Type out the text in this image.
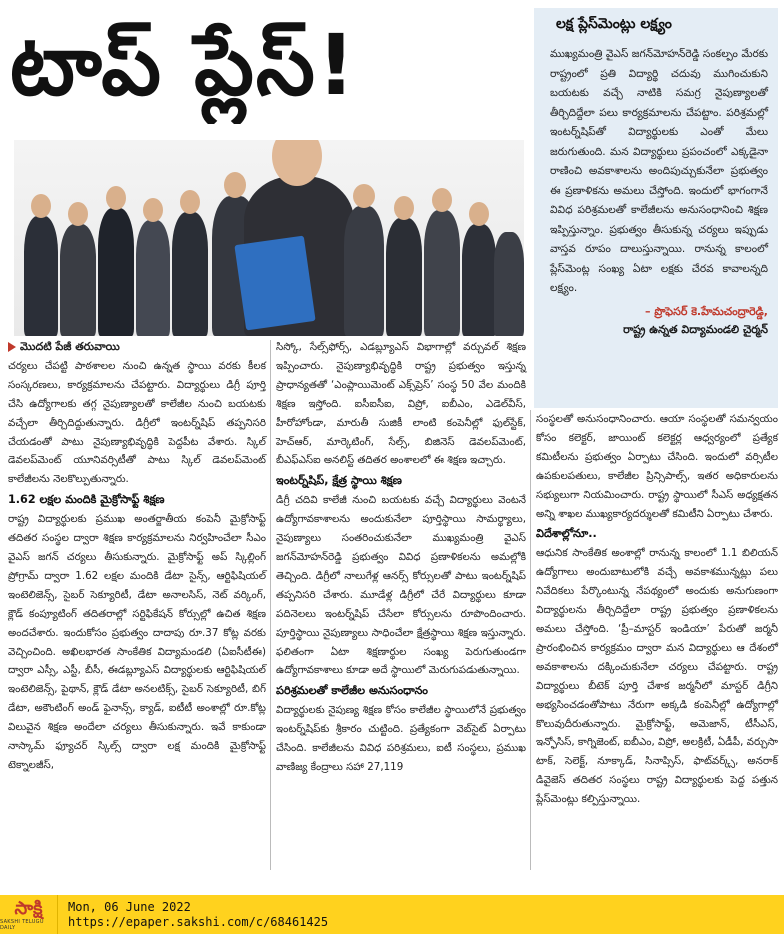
టాప్‌ ప్లేస్‌!	లక్ష ప్లేస్‌మెంట్లు లక్ష్యం
ముఖ్యమంత్రి వైఎస్‌ జగన్‌మోహన్‌రెడ్డి సంకల్పం మేరకు రాష్ట్రంలో ప్రతి విద్యార్థి చదువు ముగించుకుని బయటకు వచ్చే నాటికి సమగ్ర నైపుణ్యాలతో తీర్చిదిద్దేలా పలు కార్యక్రమాలను చేపట్టాం. పరిశ్రమల్లో ఇంటర్న్‌షిప్‌తో విద్యార్థులకు ఎంతో మేలు జరుగుతుంది. మన విద్యార్థులు ప్రపంచంలో ఎక్కడైనా రాణించి అవకాశాలను అందిపుచ్చుకునేలా ప్రభుత్వం ఈ ప్రణాళికను అమలు చేస్తోంది. ఇందులో భాగంగానే వివిధ పరిశ్రమలతో కాలేజీలను అనుసంధానించి శిక్షణ ఇప్పిస్తున్నాం. ప్రభుత్వం తీసుకున్న చర్యలు ఇప్పుడు వాస్తవ రూపం దాలుస్తున్నాయి. రానున్న కాలంలో ప్లేస్‌మెంట్ల సంఖ్య ఏటా లక్షకు చేరవ కావాలన్నది లక్ష్యం.
– ప్రొఫెసర్‌ కె.హేమచంద్రారెడ్డి,
రాష్ట్ర ఉన్నత విద్యామండలి చైర్మన్‌
మొదటి పేజీ తరువాయి

చర్యలు చేపట్టి పాఠశాలల నుంచి ఉన్నత స్థాయి వరకు కీలక సంస్కరణలు, కార్యక్రమాలను చేపట్టారు. విద్యార్థులు డిగ్రీ పూర్తి చేసి ఉద్యోగాలకు తగ్గ నైపుణ్యాలతో కాలేజీల నుంచి బయటకు వచ్చేలా తీర్చిదిద్దుతున్నారు. డిగ్రీలో ఇంటర్న్‌షిప్‌ తప్పనిసరి చేయడంతో పాటు నైపుణ్యాభివృద్ధికి పెద్దపీట వేశారు. స్కిల్‌ డెవలప్‌మెంట్‌ యూనివర్సిటీతో పాటు స్కిల్‌ డెవలప్‌మెంట్‌ కాలేజీలను నెలకొల్పుతున్నారు.

1.62 లక్షల మందికి మైక్రోసాఫ్ట్‌ శిక్షణ

రాష్ట్ర విద్యార్థులకు ప్రముఖ అంతర్జాతీయ కంపెనీ మైక్రోసాఫ్ట్‌ తదితర సంస్థల ద్వారా శిక్షణ కార్యక్రమాలను నిర్వహించేలా సీఎం వైఎస్‌ జగన్‌ చర్యలు తీసుకున్నారు. మైక్రోసాఫ్ట్‌ అప్‌ స్కిల్లింగ్‌ ప్రోగ్రామ్‌ ద్వారా 1.62 లక్షల మందికి డేటా సైన్స్‌, ఆర్టిఫిషియల్‌ ఇంటెలిజెన్స్‌, సైబర్‌ సెక్యూరిటీ, డేటా అనాలసిస్‌, నెట్‌ వర్కింగ్‌, క్లౌడ్‌ కంప్యూటింగ్‌ తదితరాల్లో సర్టిఫికేషన్‌ కోర్సుల్లో ఉచిత శిక్షణ అందచేశారు. ఇందుకోసం ప్రభుత్వం దాదాపు రూ.37 కోట్ల వరకు వెచ్చించింది. అఖిలభారత సాంకేతిక విద్యామండలి (ఏఐసీటీఈ) ద్వారా ఎస్సీ, ఎస్టీ, బీసీ, ఈడబ్ల్యూఎస్‌ విద్యార్థులకు ఆర్టిఫిషియల్‌ ఇంటెలిజెన్స్‌, పైథాన్‌, క్లౌడ్‌ డేటా అనలటిక్స్‌, సైబర్‌ సెక్యూరిటీ, బిగ్‌ డేటా, అకౌంటింగ్‌ అండ్‌ ఫైనాన్స్‌, క్యాడ్‌, ఐటీటీ అంశాల్లో రూ.కోట్ల విలువైన శిక్షణ అందేలా చర్యలు తీసుకున్నారు. ఇవే కాకుండా నాస్కామ్‌ ఫ్యూచర్‌ స్కిల్స్‌ ద్వారా లక్ష మందికి మైక్రోసాఫ్ట్‌ టెక్నాలజీస్‌,

సిస్కో, సేల్స్‌ఫోర్స్‌, ఎడబ్ల్యూఎస్‌ విభాగాల్లో వర్చువల్‌ శిక్షణ ఇప్పించారు. నైపుణ్యాభివృద్ధికి రాష్ట్ర ప్రభుత్వం ఇస్తున్న ప్రాధాన్యతతో ‘ఎంప్లాయిమెంట్‌ ఎక్స్‌ప్రెస్‌’ సంస్థ 50 వేల మందికి శిక్షణ ఇస్తోంది. ఐసీఐసీఐ, విప్రో, ఐబీఎం, ఎడెల్‌వీస్‌, హీరోహోండా, మారుతీ సుజికీ లాంటి కంపెనీల్లో ఫుల్‌స్టేక్‌, హెచ్‌ఆర్‌, మార్కెటింగ్‌, సేల్స్‌, బిజినెస్‌ డెవలప్‌మెంట్‌, బీఎఫ్‌ఎస్‌ఐ అనలిస్ట్‌ తదితర అంశాలలో ఈ శిక్షణ ఇచ్చారు.

ఇంటర్న్‌షిప్‌, క్షేత్ర స్థాయి శిక్షణ

డిగ్రీ చదివి కాలేజీ నుంచి బయటకు వచ్చే విద్యార్థులు వెంటనే ఉద్యోగావకాశాలను అందుకునేలా పూర్తిస్థాయి సామర్థ్యాలు, నైపుణ్యాలు సంతరించుకునేలా ముఖ్యమంత్రి వైఎస్‌ జగన్‌మోహన్‌రెడ్డి ప్రభుత్వం వివిధ ప్రణాళికలను అమల్లోకి తెచ్చింది. డిగ్రీలో నాలుగేళ్ల ఆనర్స్‌ కోర్సులతో పాటు ఇంటర్న్‌షిప్‌ తప్పనిసరి చేశారు. మూడేళ్ల డిగ్రీలో చేరే విద్యార్థులు కూడా పదినెలలు ఇంటర్న్‌షిప్‌ చేసేలా కోర్సులను రూపొందించారు. పూర్తిస్థాయి నైపుణ్యాలు సాధించేలా క్షేత్రస్థాయి శిక్షణ ఇస్తున్నారు. ఫలితంగా ఏటా శిక్షణార్థుల సంఖ్య పెరుగుతుండగా ఉద్యోగావకాశాలు కూడా అదే స్థాయిలో మెరుగుపడుతున్నాయి.

పరిశ్రమలతో కాలేజీల అనుసంధానం

విద్యార్థులకు నైపుణ్య శిక్షణ కోసం కాలేజీల స్థాయిలోనే ప్రభుత్వం ఇంటర్న్‌షిప్‌కు శ్రీకారం చుట్టింది. ప్రత్యేకంగా వెబ్‌సైట్‌ ఏర్పాటు చేసింది. కాలేజీలను వివిధ పరిశ్రమలు, ఐటీ సంస్థలు, ప్రముఖ వాణిజ్య కేంద్రాలు సహా 27,119

సంస్థలతో అనుసంధానించారు. ఆయా సంస్థలతో సమన్వయం కోసం కలెక్టర్‌, జాయింట్‌ కలెక్టర్ల ఆధ్వర్యంలో ప్రత్యేక కమిటీలను ప్రభుత్వం ఏర్పాటు చేసింది. ఇందులో వర్సిటీల ఉపకులపతులు, కాలేజీల ప్రిన్సిపాల్స్‌, ఇతర అధికారులను సభ్యులుగా నియమించారు. రాష్ట్ర స్థాయిలో సీఎస్‌ అధ్యక్షతన అన్ని శాఖల ముఖ్యకార్యదర్శులతో కమిటీని ఏర్పాటు చేశారు.

విదేశాల్లోనూ..

ఆధునిక సాంకేతిక అంశాల్లో రానున్న కాలంలో 1.1 బిలియన్‌ ఉద్యోగాలు అందుబాటులోకి వచ్చే అవకాశమున్నట్లు పలు నివేదికలు పేర్కొంటున్న నేపథ్యంలో అందుకు అనుగుణంగా విద్యార్థులను తీర్చిదిద్దేలా రాష్ట్ర ప్రభుత్వం ప్రణాళికలను అమలు చేస్తోంది. ‘ప్రీ–మాస్టర్‌ ఇండియా’ పేరుతో జర్మనీ ప్రారంభించిన కార్యక్రమం ద్వారా మన విద్యార్థులు ఆ దేశంలో అవకాశాలను దక్కించుకునేలా చర్యలు చేపట్టారు. రాష్ట్ర విద్యార్థులు బీటెక్‌ పూర్తి చేశాక జర్మనీలో మాస్టర్‌ డిగ్రీని అభ్యసించడంతోపాటు నేరుగా అక్కడి కంపెనీల్లో ఉద్యోగాల్లో కొలువుదీరుతున్నారు. మైక్రోసాఫ్ట్‌, అమెజాన్‌, టీసీఎస్‌, ఇన్ఫోసిస్‌, కాగ్నిజెంట్‌, ఐబీఎం, విప్రో, అలక్రిటీ, ఏడీపీ, వర్చుసా టాక్‌, సెలెక్ట్‌, నూక్కాడ్‌, సినాప్సిస్‌, ఫాట్‌వర్క్స్‌, అనరాక్‌ డివైజెస్‌ తదితర సంస్థలు రాష్ట్ర విద్యార్థులకు పెద్ద పత్తున ప్లేస్‌మెంట్లు కల్పిస్తున్నాయి.

సాక్షి
SAKSHI TELUGU DAILY
Mon, 06 June 2022
https://epaper.sakshi.com/c/68461425
